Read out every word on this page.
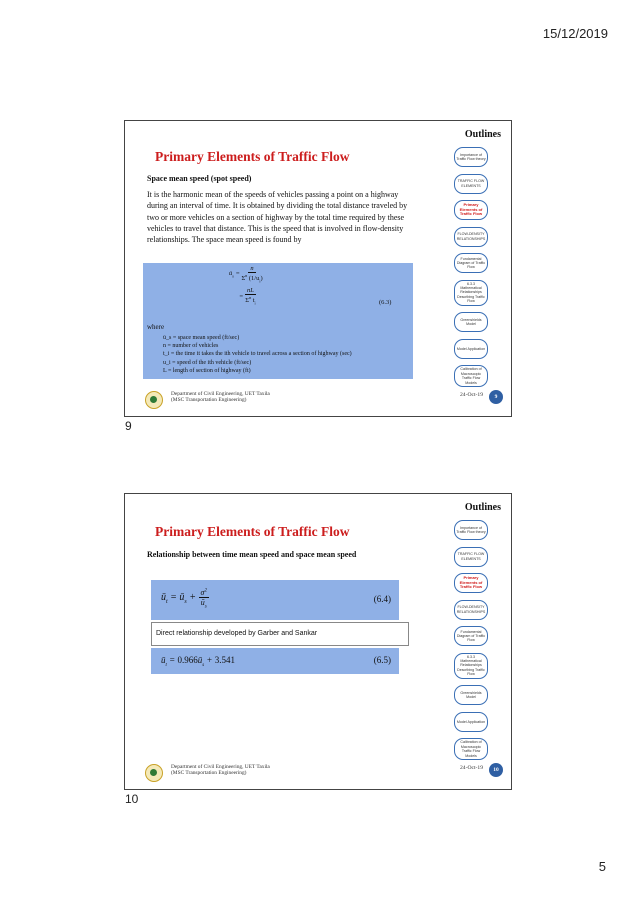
15/12/2019
Outlines
Importance of Traffic Flow theory
TRAFFIC FLOW ELEMENTS
Primary Elements of Traffic Flow
FLOW-DENSITY RELATIONSHIPS
Fundamental Diagram of Traffic Flow
6.3.3 Mathematical Relationships Describing Traffic Flow
Greenshields Model
Model Application
Calibration of Macroscopic Traffic Flow Models
Primary Elements of Traffic Flow
Space mean speed (spot speed)
It is the harmonic mean of the speeds of vehicles passing a point on a highway during an interval of time. It is obtained by dividing the total distance traveled by two or more vehicles on a section of highway by the total time required by these vehicles to travel that distance. This is the speed that is involved in flow-density relationships. The space mean speed is found by
$ū_s = \frac{n}{\Sigma^n (1/u_i)}$
= $\frac{nL}{\Sigma^n t_i}$	(6.3)
where
ū_s = space mean speed (ft/sec)
n = number of vehicles
t_i = the time it takes the ith vehicle to travel across a section of highway (sec)
u_i = speed of the ith vehicle (ft/sec)
L = length of section of highway (ft)
Department of Civil Engineering, UET Taxila
(MSC Transportation Engineering)
24-Oct-19	9
9
Outlines
Importance of Traffic Flow theory
TRAFFIC FLOW ELEMENTS
Primary Elements of Traffic Flow
FLOW-DENSITY RELATIONSHIPS
Fundamental Diagram of Traffic Flow
6.3.3 Mathematical Relationships Describing Traffic Flow
Greenshields Model
Model Application
Calibration of Macroscopic Traffic Flow Models
Primary Elements of Traffic Flow
Relationship between time mean speed and space mean speed
$ū_t$ = $ū_s + \frac{\sigma^2}{ū_s}$	(6.4)
Direct relationship developed by Garber and Sankar
$ū_t$ = $0.966ū_s + 3.541$	(6.5)
Department of Civil Engineering, UET Taxila
(MSC Transportation Engineering)
24-Oct-19	10
10
5
